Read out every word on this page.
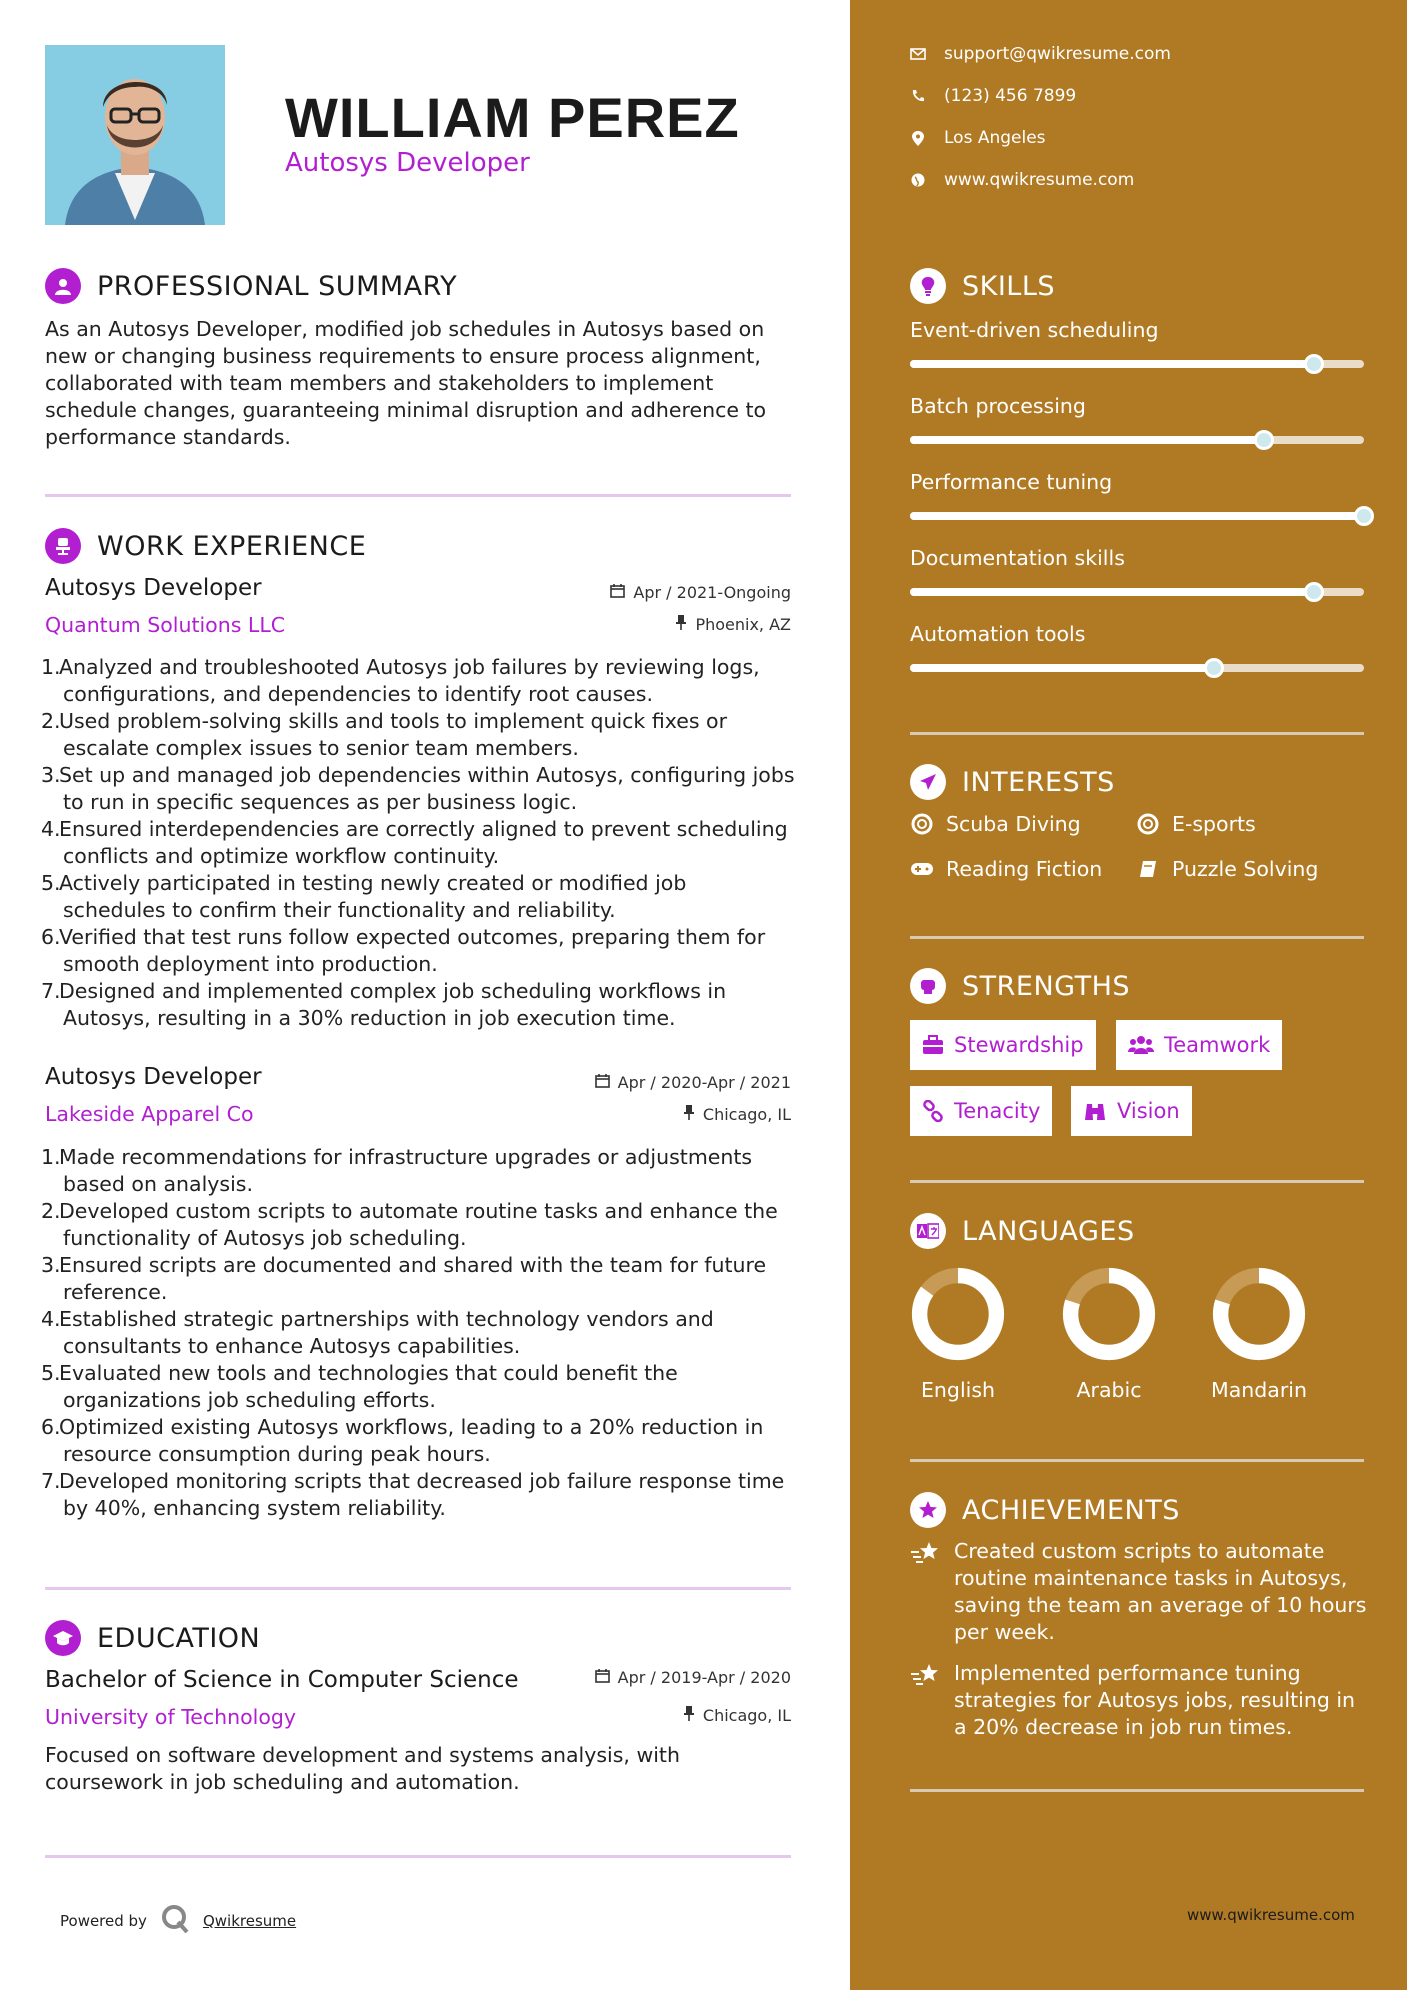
WILLIAM PEREZ
Autosys Developer
PROFESSIONAL SUMMARY
As an Autosys Developer, modified job schedules in Autosys based on new or changing business requirements to ensure process alignment, collaborated with team members and stakeholders to implement schedule changes, guaranteeing minimal disruption and adherence to performance standards.
WORK EXPERIENCE
Autosys Developer
Quantum Solutions LLC
Apr / 2021-Ongoing
Phoenix, AZ
Analyzed and troubleshooted Autosys job failures by reviewing logs, configurations, and dependencies to identify root causes.
Used problem-solving skills and tools to implement quick fixes or escalate complex issues to senior team members.
Set up and managed job dependencies within Autosys, configuring jobs to run in specific sequences as per business logic.
Ensured interdependencies are correctly aligned to prevent scheduling conflicts and optimize workflow continuity.
Actively participated in testing newly created or modified job schedules to confirm their functionality and reliability.
Verified that test runs follow expected outcomes, preparing them for smooth deployment into production.
Designed and implemented complex job scheduling workflows in Autosys, resulting in a 30% reduction in job execution time.
Autosys Developer
Lakeside Apparel Co
Apr / 2020-Apr / 2021
Chicago, IL
Made recommendations for infrastructure upgrades or adjustments based on analysis.
Developed custom scripts to automate routine tasks and enhance the functionality of Autosys job scheduling.
Ensured scripts are documented and shared with the team for future reference.
Established strategic partnerships with technology vendors and consultants to enhance Autosys capabilities.
Evaluated new tools and technologies that could benefit the organizations job scheduling efforts.
Optimized existing Autosys workflows, leading to a 20% reduction in resource consumption during peak hours.
Developed monitoring scripts that decreased job failure response time by 40%, enhancing system reliability.
EDUCATION
Bachelor of Science in Computer Science
University of Technology
Apr / 2019-Apr / 2020
Chicago, IL
Focused on software development and systems analysis, with coursework in job scheduling and automation.
Powered by	Qwikresume
support@qwikresume.com
(123) 456 7899
Los Angeles
www.qwikresume.com
SKILLS
Event-driven scheduling
Batch processing
Performance tuning
Documentation skills
Automation tools
INTERESTS
Scuba Diving	E-sports
Reading Fiction	Puzzle Solving
STRENGTHS
Stewardship	Teamwork
Tenacity	Vision
LANGUAGES
English	Arabic	Mandarin
ACHIEVEMENTS
Created custom scripts to automate routine maintenance tasks in Autosys, saving the team an average of 10 hours per week.
Implemented performance tuning strategies for Autosys jobs, resulting in a 20% decrease in job run times.
www.qwikresume.com
